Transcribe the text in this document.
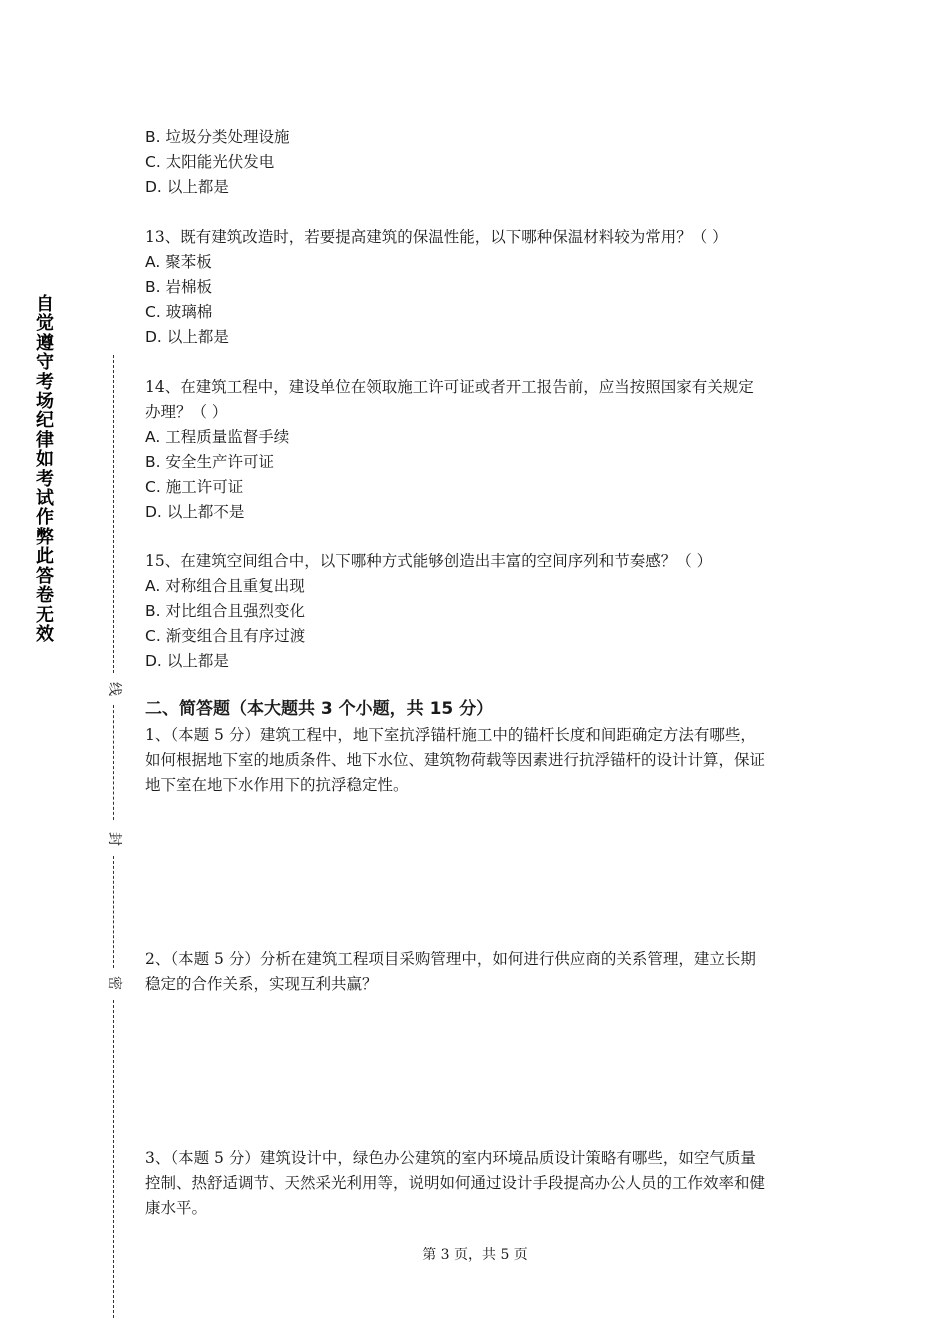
自
觉
遵
守
考
场
纪
律
如
考
试
作
弊
此
答
卷
无
效
线
封
密
B. 垃圾分类处理设施
C. 太阳能光伏发电
D. 以上都是
13、既有建筑改造时，若要提高建筑的保温性能，以下哪种保温材料较为常用？（ ）
A. 聚苯板
B. 岩棉板
C. 玻璃棉
D. 以上都是
14、在建筑工程中，建设单位在领取施工许可证或者开工报告前，应当按照国家有关规定
办理？（ ）
A. 工程质量监督手续
B. 安全生产许可证
C. 施工许可证
D. 以上都不是
15、在建筑空间组合中，以下哪种方式能够创造出丰富的空间序列和节奏感？（ ）
A. 对称组合且重复出现
B. 对比组合且强烈变化
C. 渐变组合且有序过渡
D. 以上都是
二、简答题（本大题共 3 个小题，共 15 分）
1、（本题 5 分）建筑工程中，地下室抗浮锚杆施工中的锚杆长度和间距确定方法有哪些，
如何根据地下室的地质条件、地下水位、建筑物荷载等因素进行抗浮锚杆的设计计算，保证
地下室在地下水作用下的抗浮稳定性。
2、（本题 5 分）分析在建筑工程项目采购管理中，如何进行供应商的关系管理，建立长期
稳定的合作关系，实现互利共赢？
3、（本题 5 分）建筑设计中，绿色办公建筑的室内环境品质设计策略有哪些，如空气质量
控制、热舒适调节、天然采光利用等，说明如何通过设计手段提高办公人员的工作效率和健
康水平。
第 3 页，共 5 页
